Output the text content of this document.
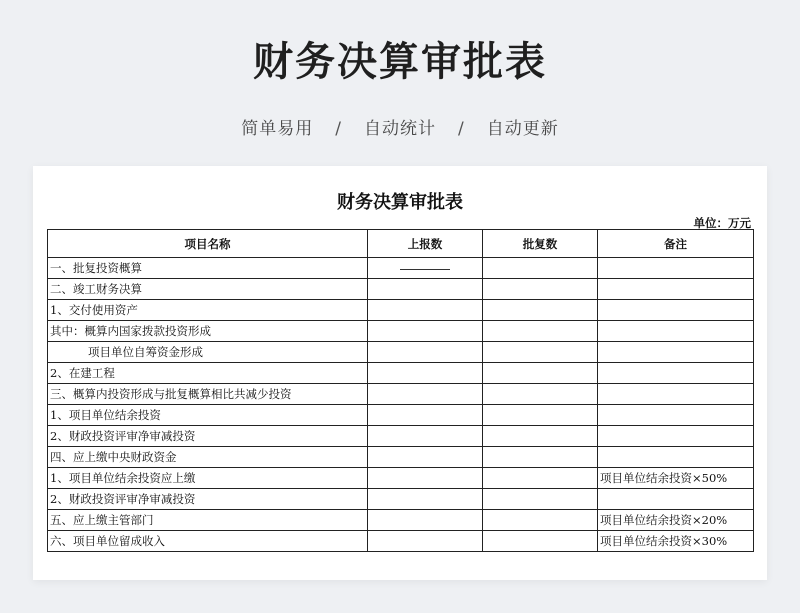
财务决算审批表
简单易用 / 自动统计 / 自动更新
财务决算审批表
单位：万元
项目名称	上报数	批复数	备注
一、批复投资概算			
二、竣工财务决算			
1、交付使用资产			
其中：概算内国家拨款投资形成			
项目单位自筹资金形成			
2、在建工程			
三、概算内投资形成与批复概算相比共减少投资			
1、项目单位结余投资			
2、财政投资评审净审减投资			
四、应上缴中央财政资金			
1、项目单位结余投资应上缴			项目单位结余投资×50%
2、财政投资评审净审减投资			
五、应上缴主管部门			项目单位结余投资×20%
六、项目单位留成收入			项目单位结余投资×30%
